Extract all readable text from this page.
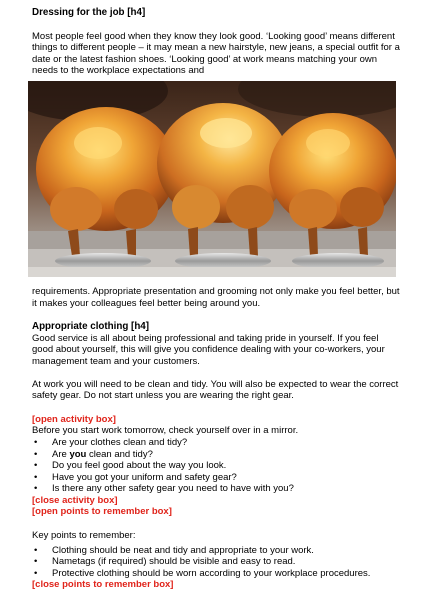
Dressing for the job [h4]

Most people feel good when they know they look good. ‘Looking good’ means different things to different people – it may mean a new hairstyle, new jeans, a special outfit for a date or the latest fashion shoes. ‘Looking good’ at work means matching your own needs to the workplace expectations and

requirements. Appropriate presentation and grooming not only make you feel better, but it makes your colleagues feel better being around you.

Appropriate clothing [h4]

Good service is all about being professional and taking pride in yourself. If you feel good about yourself, this will give you confidence dealing with your co-workers, your management team and your customers.

At work you will need to be clean and tidy. You will also be expected to wear the correct safety gear. Do not start unless you are wearing the right gear.

[open activity box]

Before you start work tomorrow, check yourself over in a mirror.

• Are your clothes clean and tidy?
• Are you clean and tidy?
• Do you feel good about the way you look.
• Have you got your uniform and safety gear?
• Is there any other safety gear you need to have with you?

[close activity box]

[open points to remember box]

Key points to remember:

• Clothing should be neat and tidy and appropriate to your work.
• Nametags (if required) should be visible and easy to read.
• Protective clothing should be worn according to your workplace procedures.

[close points to remember box]
